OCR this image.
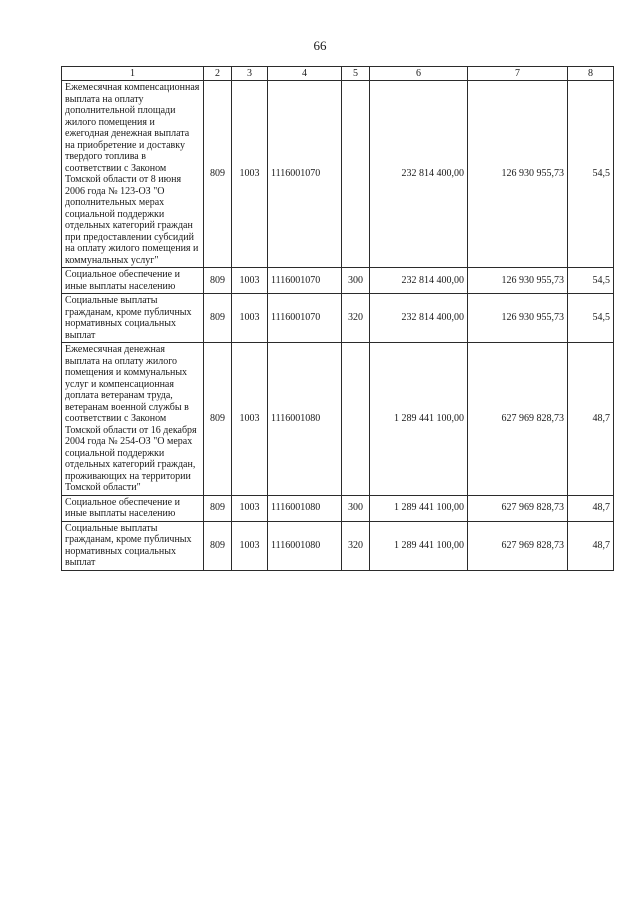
66
1	2	3	4	5	6	7	8
Ежемесячная компенсационная выплата на оплату дополнительной площади жилого помещения и ежегодная денежная выплата на приобретение и доставку твердого топлива в соответствии с Законом Томской области от 8 июня 2006 года № 123-ОЗ "О дополнительных мерах социальной поддержки отдельных категорий граждан при предоставлении субсидий на оплату жилого помещения и коммунальных услуг"	809	1003	1116001070		232 814 400,00	126 930 955,73	54,5
Социальное обеспечение и иные выплаты населению	809	1003	1116001070	300	232 814 400,00	126 930 955,73	54,5
Социальные выплаты гражданам, кроме публичных нормативных социальных выплат	809	1003	1116001070	320	232 814 400,00	126 930 955,73	54,5
Ежемесячная денежная выплата на оплату жилого помещения и коммунальных услуг и компенсационная доплата ветеранам труда, ветеранам военной службы в соответствии с Законом Томской области от 16 декабря 2004 года № 254-ОЗ "О мерах социальной поддержки отдельных категорий граждан, проживающих на территории Томской области"	809	1003	1116001080		1 289 441 100,00	627 969 828,73	48,7
Социальное обеспечение и иные выплаты населению	809	1003	1116001080	300	1 289 441 100,00	627 969 828,73	48,7
Социальные выплаты гражданам, кроме публичных нормативных социальных выплат	809	1003	1116001080	320	1 289 441 100,00	627 969 828,73	48,7
